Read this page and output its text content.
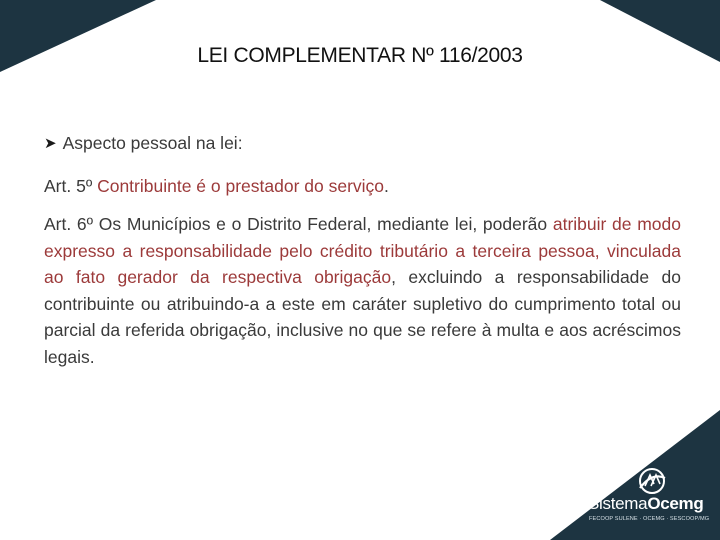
LEI COMPLEMENTAR Nº 116/2003

➤ Aspecto pessoal na lei:

Art. 5º Contribuinte é o prestador do serviço.

Art. 6º Os Municípios e o Distrito Federal, mediante lei, poderão atribuir de modo expresso a responsabilidade pelo crédito tributário a terceira pessoa, vinculada ao fato gerador da respectiva obrigação, excluindo a responsabilidade do contribuinte ou atribuindo-a a este em caráter supletivo do cumprimento total ou parcial da referida obrigação, inclusive no que se refere à multa e aos acréscimos legais.

SistemaOcemg
FECOOP SULENE · OCEMG · SESCOOP/MG
